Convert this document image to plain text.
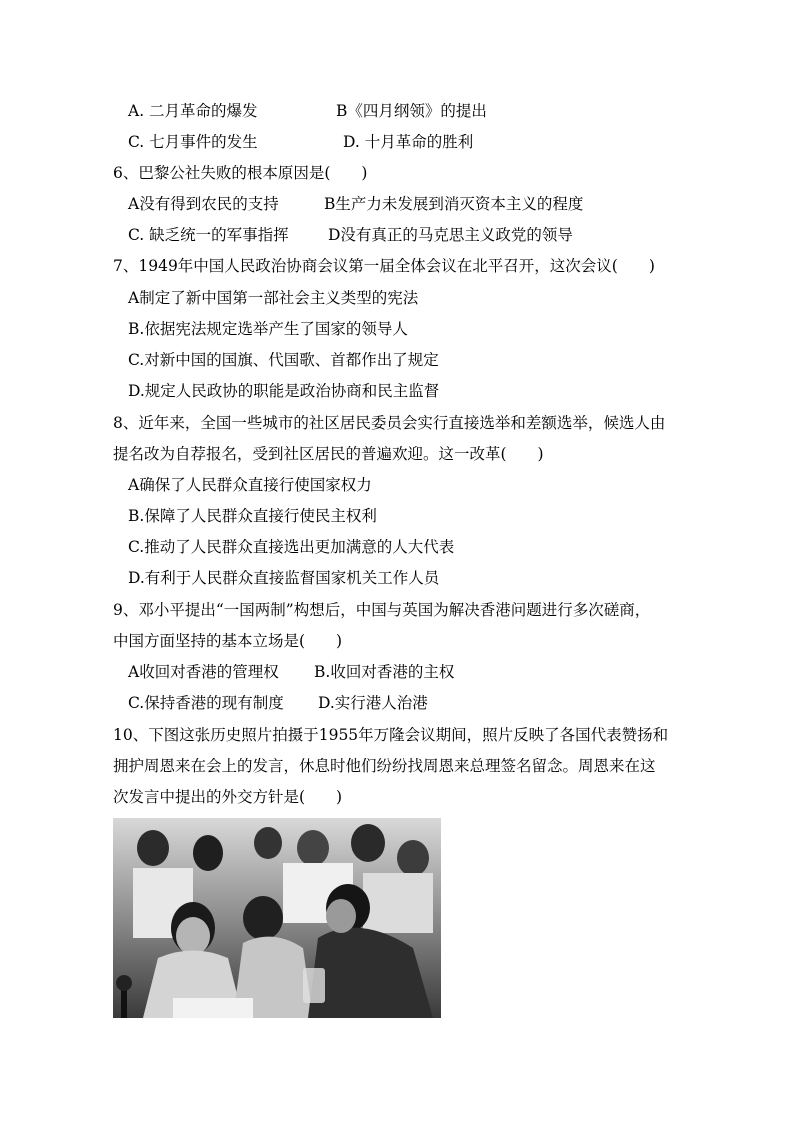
A. 二月革命的爆发	B《四月纲领》的提出
C. 七月事件的发生	D. 十月革命的胜利
6、巴黎公社失败的根本原因是(　　)
A没有得到农民的支持	B生产力未发展到消灭资本主义的程度
C. 缺乏统一的军事指挥	D没有真正的马克思主义政党的领导
7、1949年中国人民政治协商会议第一届全体会议在北平召开，这次会议(　　)
A制定了新中国第一部社会主义类型的宪法
B.依据宪法规定选举产生了国家的领导人
C.对新中国的国旗、代国歌、首都作出了规定
D.规定人民政协的职能是政治协商和民主监督
8、近年来，全国一些城市的社区居民委员会实行直接选举和差额选举，候选人由
提名改为自荐报名，受到社区居民的普遍欢迎。这一改革(　　)
A确保了人民群众直接行使国家权力
B.保障了人民群众直接行使民主权利
C.推动了人民群众直接选出更加满意的人大代表
D.有利于人民群众直接监督国家机关工作人员
9、邓小平提出“一国两制”构想后，中国与英国为解决香港问题进行多次磋商，
中国方面坚持的基本立场是(　　)
A收回对香港的管理权 B.收回对香港的主权
C.保持香港的现有制度 D.实行港人治港
10、下图这张历史照片拍摄于1955年万隆会议期间，照片反映了各国代表赞扬和
拥护周恩来在会上的发言，休息时他们纷纷找周恩来总理签名留念。周恩来在这
次发言中提出的外交方针是(　　)
